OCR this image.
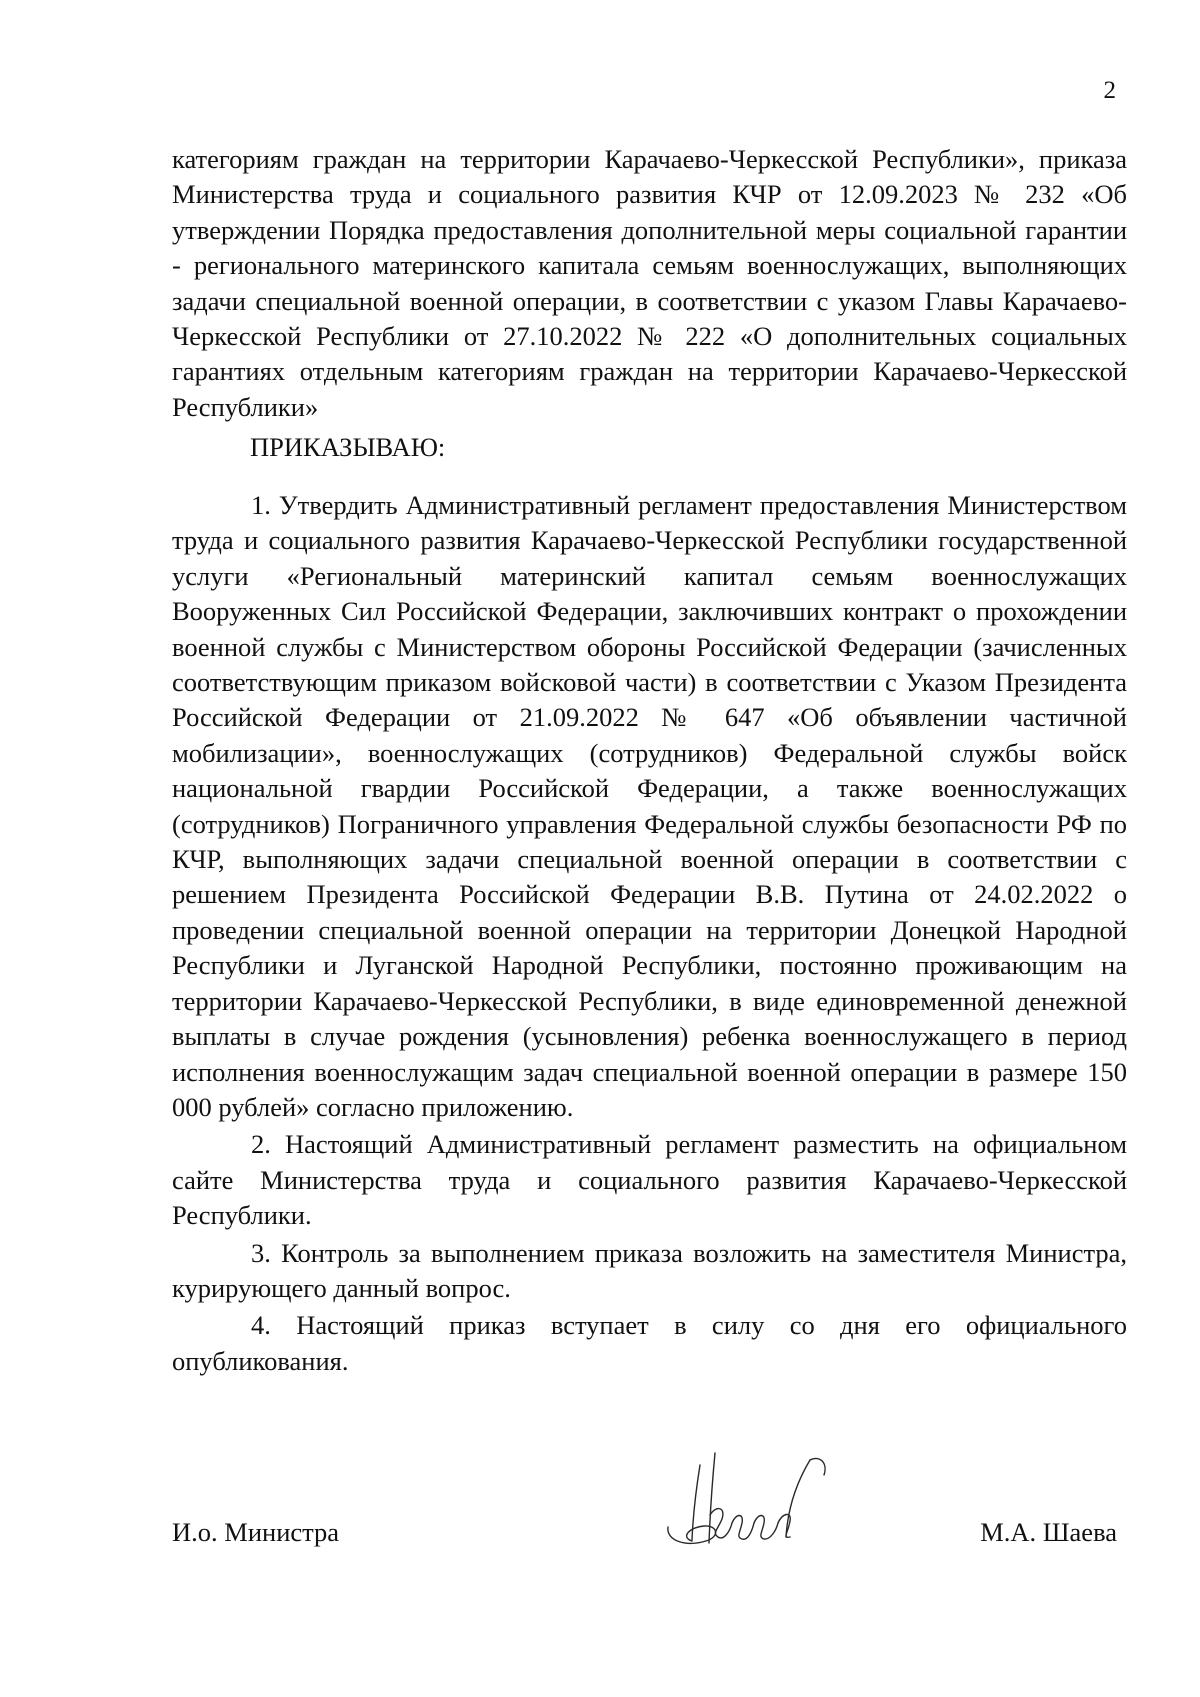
2

категориям граждан на территории Карачаево-Черкесской Республики», приказа Министерства труда и социального развития КЧР от 12.09.2023 № 232 «Об утверждении Порядка предоставления дополнительной меры социальной гарантии - регионального материнского капитала семьям военнослужащих, выполняющих задачи специальной военной операции, в соответствии с указом Главы Карачаево-Черкесской Республики от 27.10.2022 № 222 «О дополнительных социальных гарантиях отдельным категориям граждан на территории Карачаево-Черкесской Республики»

ПРИКАЗЫВАЮ:

1. Утвердить Административный регламент предоставления Министерством труда и социального развития Карачаево-Черкесской Республики государственной услуги «Региональный материнский капитал семьям военнослужащих Вооруженных Сил Российской Федерации, заключивших контракт о прохождении военной службы с Министерством обороны Российской Федерации (зачисленных соответствующим приказом войсковой части) в соответствии с Указом Президента Российской Федерации от 21.09.2022 № 647 «Об объявлении частичной мобилизации», военнослужащих (сотрудников) Федеральной службы войск национальной гвардии Российской Федерации, а также военнослужащих (сотрудников) Пограничного управления Федеральной службы безопасности РФ по КЧР, выполняющих задачи специальной военной операции в соответствии с решением Президента Российской Федерации В.В. Путина от 24.02.2022 о проведении специальной военной операции на территории Донецкой Народной Республики и Луганской Народной Республики, постоянно проживающим на территории Карачаево-Черкесской Республики, в виде единовременной денежной выплаты в случае рождения (усыновления) ребенка военнослужащего в период исполнения военнослужащим задач специальной военной операции в размере 150 000 рублей» согласно приложению.

2. Настоящий Административный регламент разместить на официальном сайте Министерства труда и социального развития Карачаево-Черкесской Республики.

3. Контроль за выполнением приказа возложить на заместителя Министра, курирующего данный вопрос.

4. Настоящий приказ вступает в силу со дня его официального опубликования.

И.о. Министра	М.А. Шаева
